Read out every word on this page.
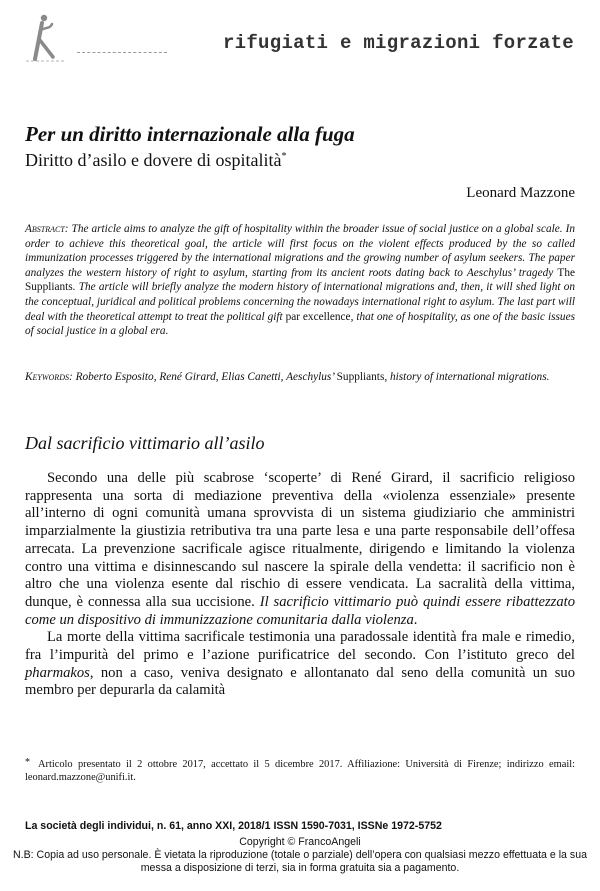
rifugiati e migrazioni forzate
Per un diritto internazionale alla fuga
Diritto d’asilo e dovere di ospitalità*
Leonard Mazzone
Abstract: The article aims to analyze the gift of hospitality within the broader issue of social justice on a global scale. In order to achieve this theoretical goal, the article will first focus on the violent effects produced by the so called immunization processes triggered by the international migrations and the growing number of asylum seekers. The paper analyzes the western history of right to asylum, starting from its ancient roots dating back to Aeschylus’ tragedy The Suppliants. The article will briefly analyze the modern history of international migrations and, then, it will shed light on the conceptual, juridical and political problems concerning the nowadays international right to asylum. The last part will deal with the theoretical attempt to treat the political gift par excellence, that one of hospitality, as one of the basic issues of social justice in a global era.
Keywords: Roberto Esposito, René Girard, Elias Canetti, Aeschylus’ Suppliants, history of international migrations.
Dal sacrificio vittimario all’asilo

Secondo una delle più scabrose ‘scoperte’ di René Girard, il sacrificio religioso rappresenta una sorta di mediazione preventiva della «violenza essenziale» presente all’interno di ogni comunità umana sprovvista di un sistema giudiziario che amministri imparzialmente la giustizia retributiva tra una parte lesa e una parte responsabile dell’offesa arrecata. La prevenzione sacrificale agisce ritualmente, dirigendo e limitando la violenza contro una vittima e disinnescando sul nascere la spirale della vendetta: il sacrificio non è altro che una violenza esente dal rischio di essere vendicata. La sacralità della vittima, dunque, è connessa alla sua uccisione. Il sacrificio vittimario può quindi essere ribattezzato come un dispositivo di immunizzazione comunitaria dalla violenza.

La morte della vittima sacrificale testimonia una paradossale identità fra male e rimedio, fra l’impurità del primo e l’azione purificatrice del secondo. Con l’istituto greco del pharmakos, non a caso, veniva designato e allontanato dal seno della comunità un suo membro per depurarla da calamità

* Articolo presentato il 2 ottobre 2017, accettato il 5 dicembre 2017. Affiliazione: Università di Firenze; indirizzo email: leonard.mazzone@unifi.it.
La società degli individui, n. 61, anno XXI, 2018/1 ISSN 1590-7031, ISSNe 1972-5752
Copyright © FrancoAngeli
N.B: Copia ad uso personale. È vietata la riproduzione (totale o parziale) dell’opera con qualsiasi mezzo effettuata e la sua messa a disposizione di terzi, sia in forma gratuita sia a pagamento.
